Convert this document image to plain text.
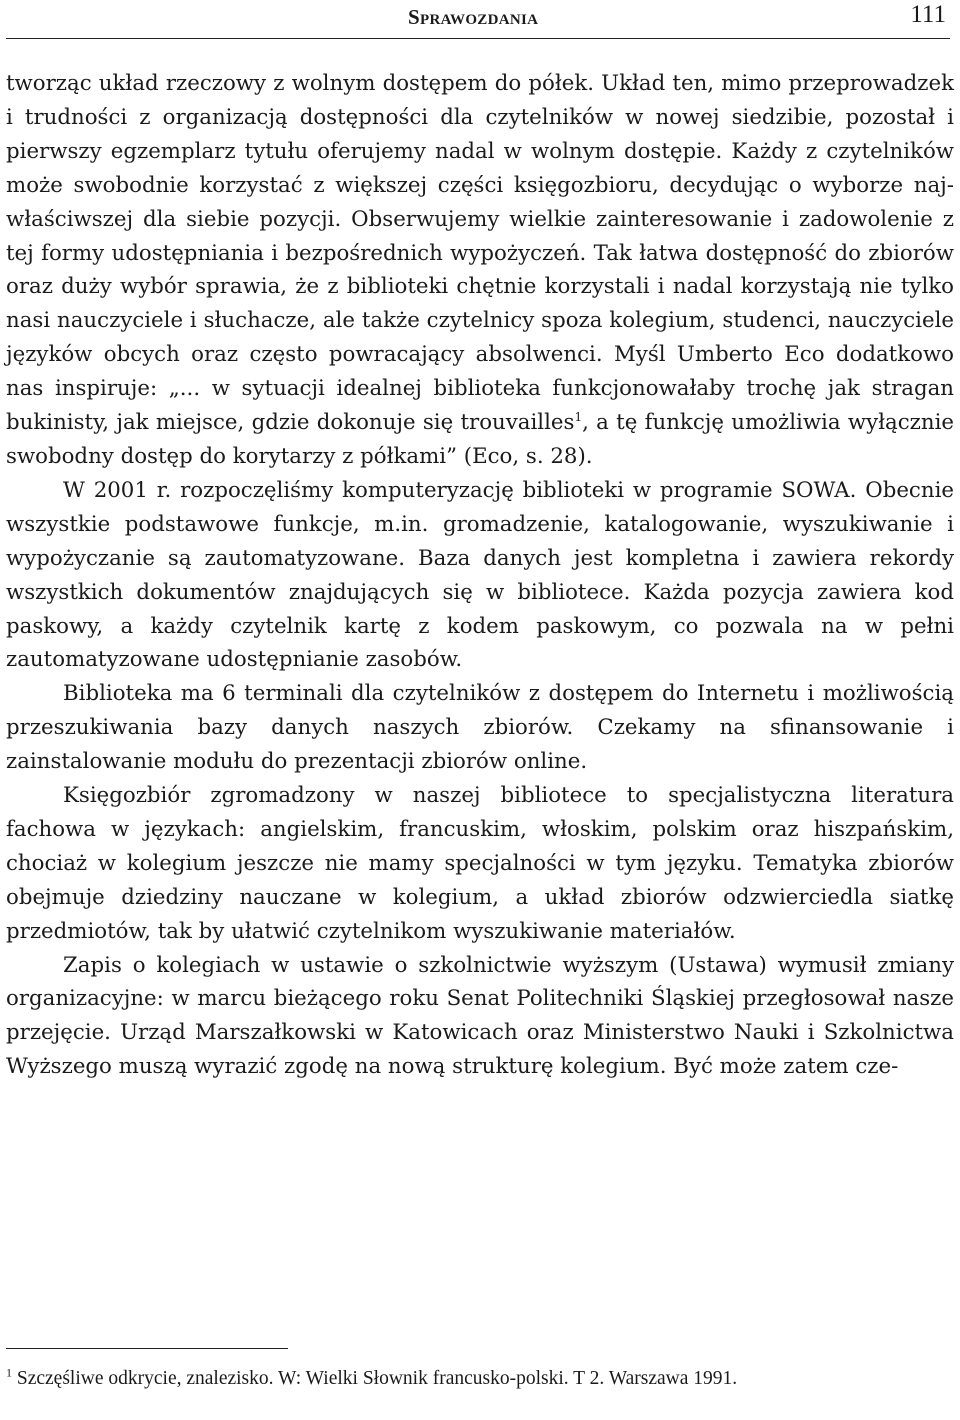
Sprawozdania	111

tworząc układ rzeczowy z wolnym dostępem do półek. Układ ten, mimo przeprowadzek i trudności z organizacją dostępności dla czytelników w nowej siedzibie, pozostał i pierwszy egzemplarz tytułu oferujemy nadal w wolnym dostępie. Każdy z czytelników może swobodnie korzystać z większej części księgozbioru, decydując o wyborze najwłaściwszej dla siebie pozycji. Obserwujemy wielkie zainteresowanie i zadowolenie z tej formy udostępniania i bezpośrednich wypożyczeń. Tak łatwa dostępność do zbiorów oraz duży wybór sprawia, że z biblioteki chętnie korzystali i nadal korzystają nie tylko nasi nauczyciele i słuchacze, ale także czytelnicy spoza kolegium, studenci, nauczyciele języków obcych oraz często powracający absolwenci. Myśl Umberto Eco dodatkowo nas inspiruje: „... w sytuacji idealnej biblioteka funkcjonowałaby trochę jak stragan bukinisty, jak miejsce, gdzie dokonuje się trouvailles$^1$, a tę funkcję umożliwia wyłącznie swobodny dostęp do korytarzy z półkami” (Eco, s. 28).

W 2001 r. rozpoczęliśmy komputeryzację biblioteki w programie SOWA. Obecnie wszystkie podstawowe funkcje, m.in. gromadzenie, katalogowanie, wyszukiwanie i wypożyczanie są zautomatyzowane. Baza danych jest kompletna i zawiera rekordy wszystkich dokumentów znajdujących się w bibliotece. Każda pozycja zawiera kod paskowy, a każdy czytelnik kartę z kodem paskowym, co pozwala na w pełni zautomatyzowane udostępnianie zasobów.

Biblioteka ma 6 terminali dla czytelników z dostępem do Internetu i możliwością przeszukiwania bazy danych naszych zbiorów. Czekamy na sfinansowanie i zainstalowanie modułu do prezentacji zbiorów online.

Księgozbiór zgromadzony w naszej bibliotece to specjalistyczna literatura fachowa w językach: angielskim, francuskim, włoskim, polskim oraz hiszpańskim, chociaż w kolegium jeszcze nie mamy specjalności w tym języku. Tematyka zbiorów obejmuje dziedziny nauczane w kolegium, a układ zbiorów odzwierciedla siatkę przedmiotów, tak by ułatwić czytelnikom wyszukiwanie materiałów.

Zapis o kolegiach w ustawie o szkolnictwie wyższym (Ustawa) wymusił zmiany organizacyjne: w marcu bieżącego roku Senat Politechniki Śląskiej przegłosował nasze przejęcie. Urząd Marszałkowski w Katowicach oraz Ministerstwo Nauki i Szkolnictwa Wyższego muszą wyrazić zgodę na nową strukturę kolegium. Być może zatem cze-

$^1$ Szczęśliwe odkrycie, znalezisko. W: Wielki Słownik francusko-polski. T 2. Warszawa 1991.
